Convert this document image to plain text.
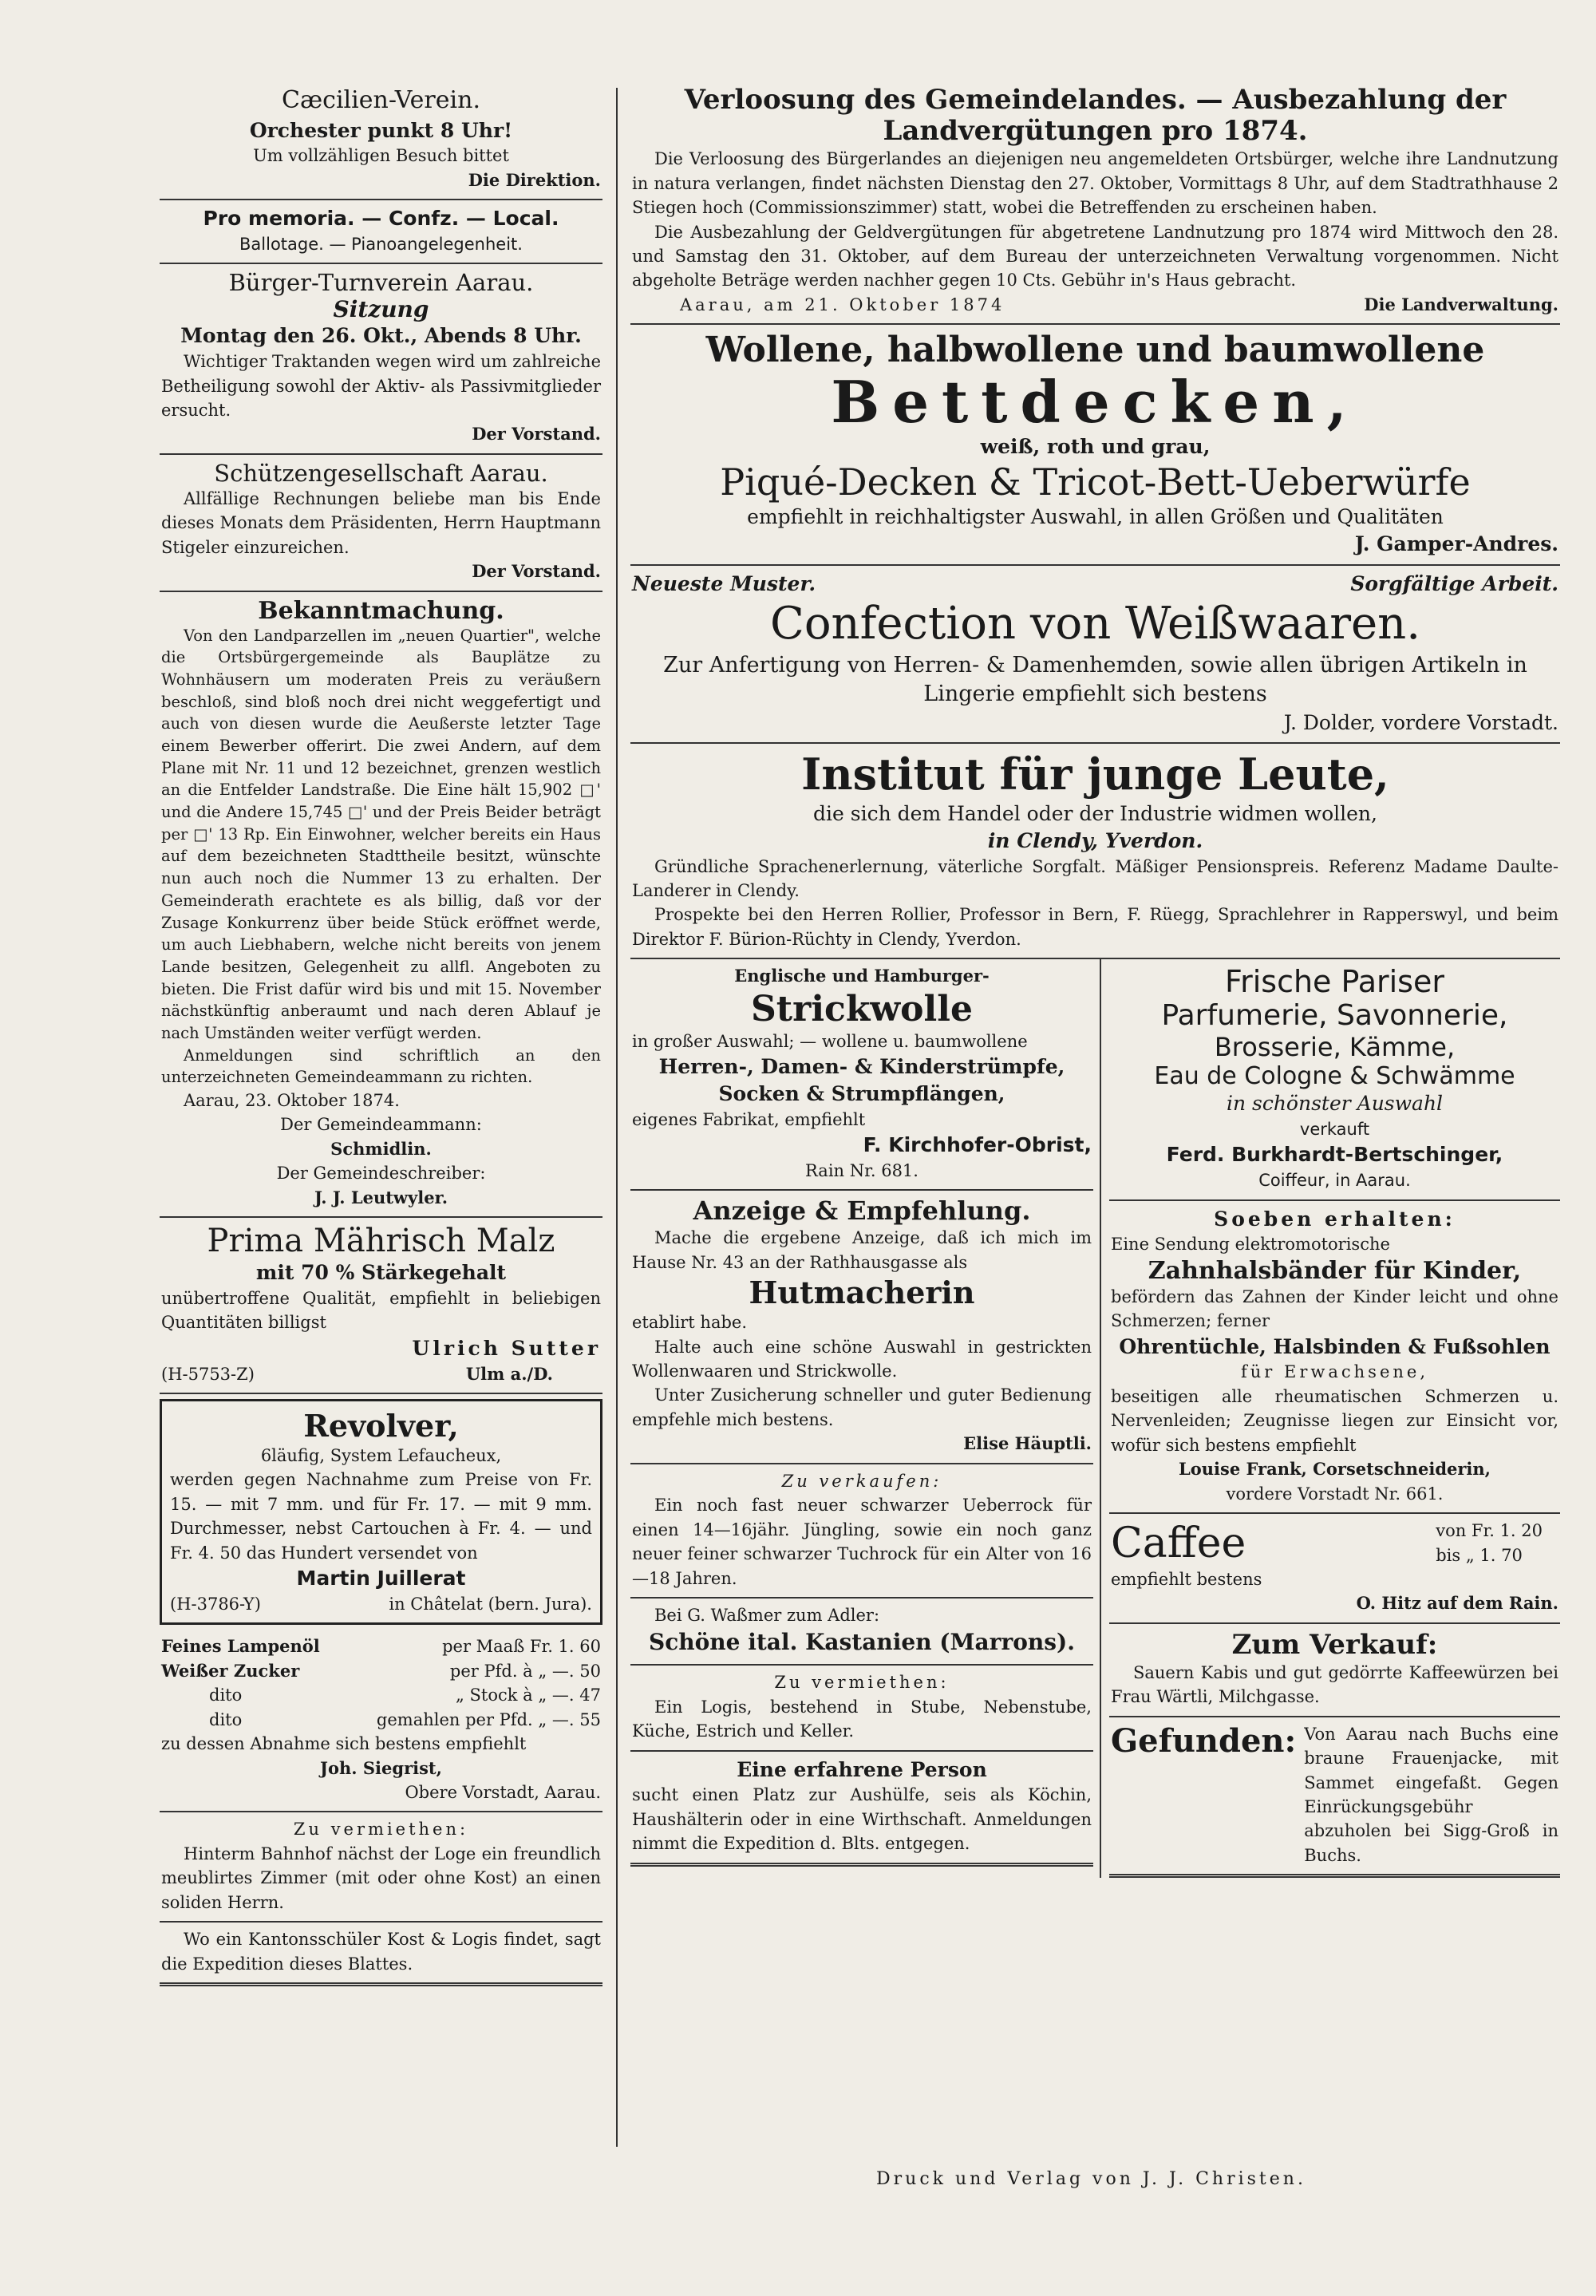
Cæcilien-Verein.
Orchester punkt 8 Uhr!
Um vollzähligen Besuch bittet
Die Direktion.
Pro memoria. — Confz. — Local.
Ballotage. — Pianoangelegenheit.
Bürger-Turnverein Aarau.
Sitzung
Montag den 26. Okt., Abends 8 Uhr.
Wichtiger Traktanden wegen wird um zahlreiche Betheiligung sowohl der Aktiv- als Passivmitglieder ersucht.
Der Vorstand.
Schützengesellschaft Aarau.
Allfällige Rechnungen beliebe man bis Ende dieses Monats dem Präsidenten, Herrn Hauptmann Stigeler einzureichen.
Der Vorstand.
Bekanntmachung.
Von den Landparzellen im „neuen Quartier", welche die Ortsbürgergemeinde als Bauplätze zu Wohnhäusern um moderaten Preis zu veräußern beschloß, sind bloß noch drei nicht weggefertigt und auch von diesen wurde die Aeußerste letzter Tage einem Bewerber offerirt. Die zwei Andern, auf dem Plane mit Nr. 11 und 12 bezeichnet, grenzen westlich an die Entfelder Landstraße. Die Eine hält 15,902 □' und die Andere 15,745 □' und der Preis Beider beträgt per □' 13 Rp. Ein Einwohner, welcher bereits ein Haus auf dem bezeichneten Stadttheile besitzt, wünschte nun auch noch die Nummer 13 zu erhalten. Der Gemeinderath erachtete es als billig, daß vor der Zusage Konkurrenz über beide Stück eröffnet werde, um auch Liebhabern, welche nicht bereits von jenem Lande besitzen, Gelegenheit zu allfl. Angeboten zu bieten. Die Frist dafür wird bis und mit 15. November nächstkünftig anberaumt und nach deren Ablauf je nach Umständen weiter verfügt werden.
Anmeldungen sind schriftlich an den unterzeichneten Gemeindeammann zu richten.
Aarau, 23. Oktober 1874.
Der Gemeindeammann:
Schmidlin.
Der Gemeindeschreiber:
J. J. Leutwyler.
Prima Mährisch Malz
mit 70 % Stärkegehalt
unübertroffene Qualität, empfiehlt in beliebigen Quantitäten billigst
Ulrich Sutter
(H-5753-Z)	Ulm a./D.
Revolver,
6läufig, System Lefaucheux,
werden gegen Nachnahme zum Preise von Fr. 15. — mit 7 mm. und für Fr. 17. — mit 9 mm. Durchmesser, nebst Cartouchen à Fr. 4. — und Fr. 4. 50 das Hundert versendet von
Martin Juillerat
(H-3786-Y)	in Châtelat (bern. Jura).
Feines Lampenöl	per Maaß Fr. 1. 60
Weißer Zucker	per Pfd. à „ —. 50
dito	„ Stock à „ —. 47
dito	gemahlen per Pfd. „ —. 55
zu dessen Abnahme sich bestens empfiehlt
Joh. Siegrist,
Obere Vorstadt, Aarau.
Zu vermiethen:
Hinterm Bahnhof nächst der Loge ein freundlich meublirtes Zimmer (mit oder ohne Kost) an einen soliden Herrn.
Wo ein Kantonsschüler Kost & Logis findet, sagt die Expedition dieses Blattes.
Verloosung des Gemeindelandes. — Ausbezahlung der
Landvergütungen pro 1874.
Die Verloosung des Bürgerlandes an diejenigen neu angemeldeten Ortsbürger, welche ihre Landnutzung in natura verlangen, findet nächsten Dienstag den 27. Oktober, Vormittags 8 Uhr, auf dem Stadtrathhause 2 Stiegen hoch (Commissionszimmer) statt, wobei die Betreffenden zu erscheinen haben.
Die Ausbezahlung der Geldvergütungen für abgetretene Landnutzung pro 1874 wird Mittwoch den 28. und Samstag den 31. Oktober, auf dem Bureau der unterzeichneten Verwaltung vorgenommen. Nicht abgeholte Beträge werden nachher gegen 10 Cts. Gebühr in's Haus gebracht.
Aarau, am 21. Oktober 1874	Die Landverwaltung.
Wollene, halbwollene und baumwollene
Bettdecken,
weiß, roth und grau,
Piqué-Decken & Tricot-Bett-Ueberwürfe
empfiehlt in reichhaltigster Auswahl, in allen Größen und Qualitäten
J. Gamper-Andres.
Neueste Muster.	Sorgfältige Arbeit.
Confection von Weißwaaren.
Zur Anfertigung von Herren- & Damenhemden, sowie allen übrigen Artikeln in Lingerie empfiehlt sich bestens
J. Dolder, vordere Vorstadt.
Institut für junge Leute,
die sich dem Handel oder der Industrie widmen wollen,
in Clendy, Yverdon.
Gründliche Sprachenerlernung, väterliche Sorgfalt. Mäßiger Pensionspreis. Referenz Madame Daulte-Landerer in Clendy.
Prospekte bei den Herren Rollier, Professor in Bern, F. Rüegg, Sprachlehrer in Rapperswyl, und beim Direktor F. Bürion-Rüchty in Clendy, Yverdon.
Englische und Hamburger-
Strickwolle
in großer Auswahl; — wollene u. baumwollene
Herren-, Damen- & Kinderstrümpfe,
Socken & Strumpflängen,
eigenes Fabrikat, empfiehlt
F. Kirchhofer-Obrist,
Rain Nr. 681.
Anzeige & Empfehlung.
Mache die ergebene Anzeige, daß ich mich im Hause Nr. 43 an der Rathhausgasse als
Hutmacherin
etablirt habe.
Halte auch eine schöne Auswahl in gestrickten Wollenwaaren und Strickwolle.
Unter Zusicherung schneller und guter Bedienung empfehle mich bestens.
Elise Häuptli.
Zu verkaufen:
Ein noch fast neuer schwarzer Ueberrock für einen 14—16jähr. Jüngling, sowie ein noch ganz neuer feiner schwarzer Tuchrock für ein Alter von 16—18 Jahren.
Bei G. Waßmer zum Adler:
Schöne ital. Kastanien (Marrons).
Zu vermiethen:
Ein Logis, bestehend in Stube, Nebenstube, Küche, Estrich und Keller.
Eine erfahrene Person
sucht einen Platz zur Aushülfe, seis als Köchin, Haushälterin oder in eine Wirthschaft. Anmeldungen nimmt die Expedition d. Blts. entgegen.
Frische Pariser
Parfumerie, Savonnerie,
Brosserie, Kämme,
Eau de Cologne & Schwämme
in schönster Auswahl
verkauft
Ferd. Burkhardt-Bertschinger,
Coiffeur, in Aarau.
Soeben erhalten:
Eine Sendung elektromotorische
Zahnhalsbänder für Kinder,
befördern das Zahnen der Kinder leicht und ohne Schmerzen; ferner
Ohrentüchle, Halsbinden & Fußsohlen
für Erwachsene,
beseitigen alle rheumatischen Schmerzen u. Nervenleiden; Zeugnisse liegen zur Einsicht vor, wofür sich bestens empfiehlt
Louise Frank, Corsetschneiderin,
vordere Vorstadt Nr. 661.
Caffee	von Fr. 1. 20
bis „ 1. 70
empfiehlt bestens
O. Hitz auf dem Rain.
Zum Verkauf:
Sauern Kabis und gut gedörrte Kaffeewürzen bei Frau Wärtli, Milchgasse.
Gefunden: Von Aarau nach Buchs eine braune Frauenjacke, mit Sammet eingefaßt. Gegen Einrückungsgebühr abzuholen bei Sigg-Groß in Buchs.
Druck und Verlag von J. J. Christen.
